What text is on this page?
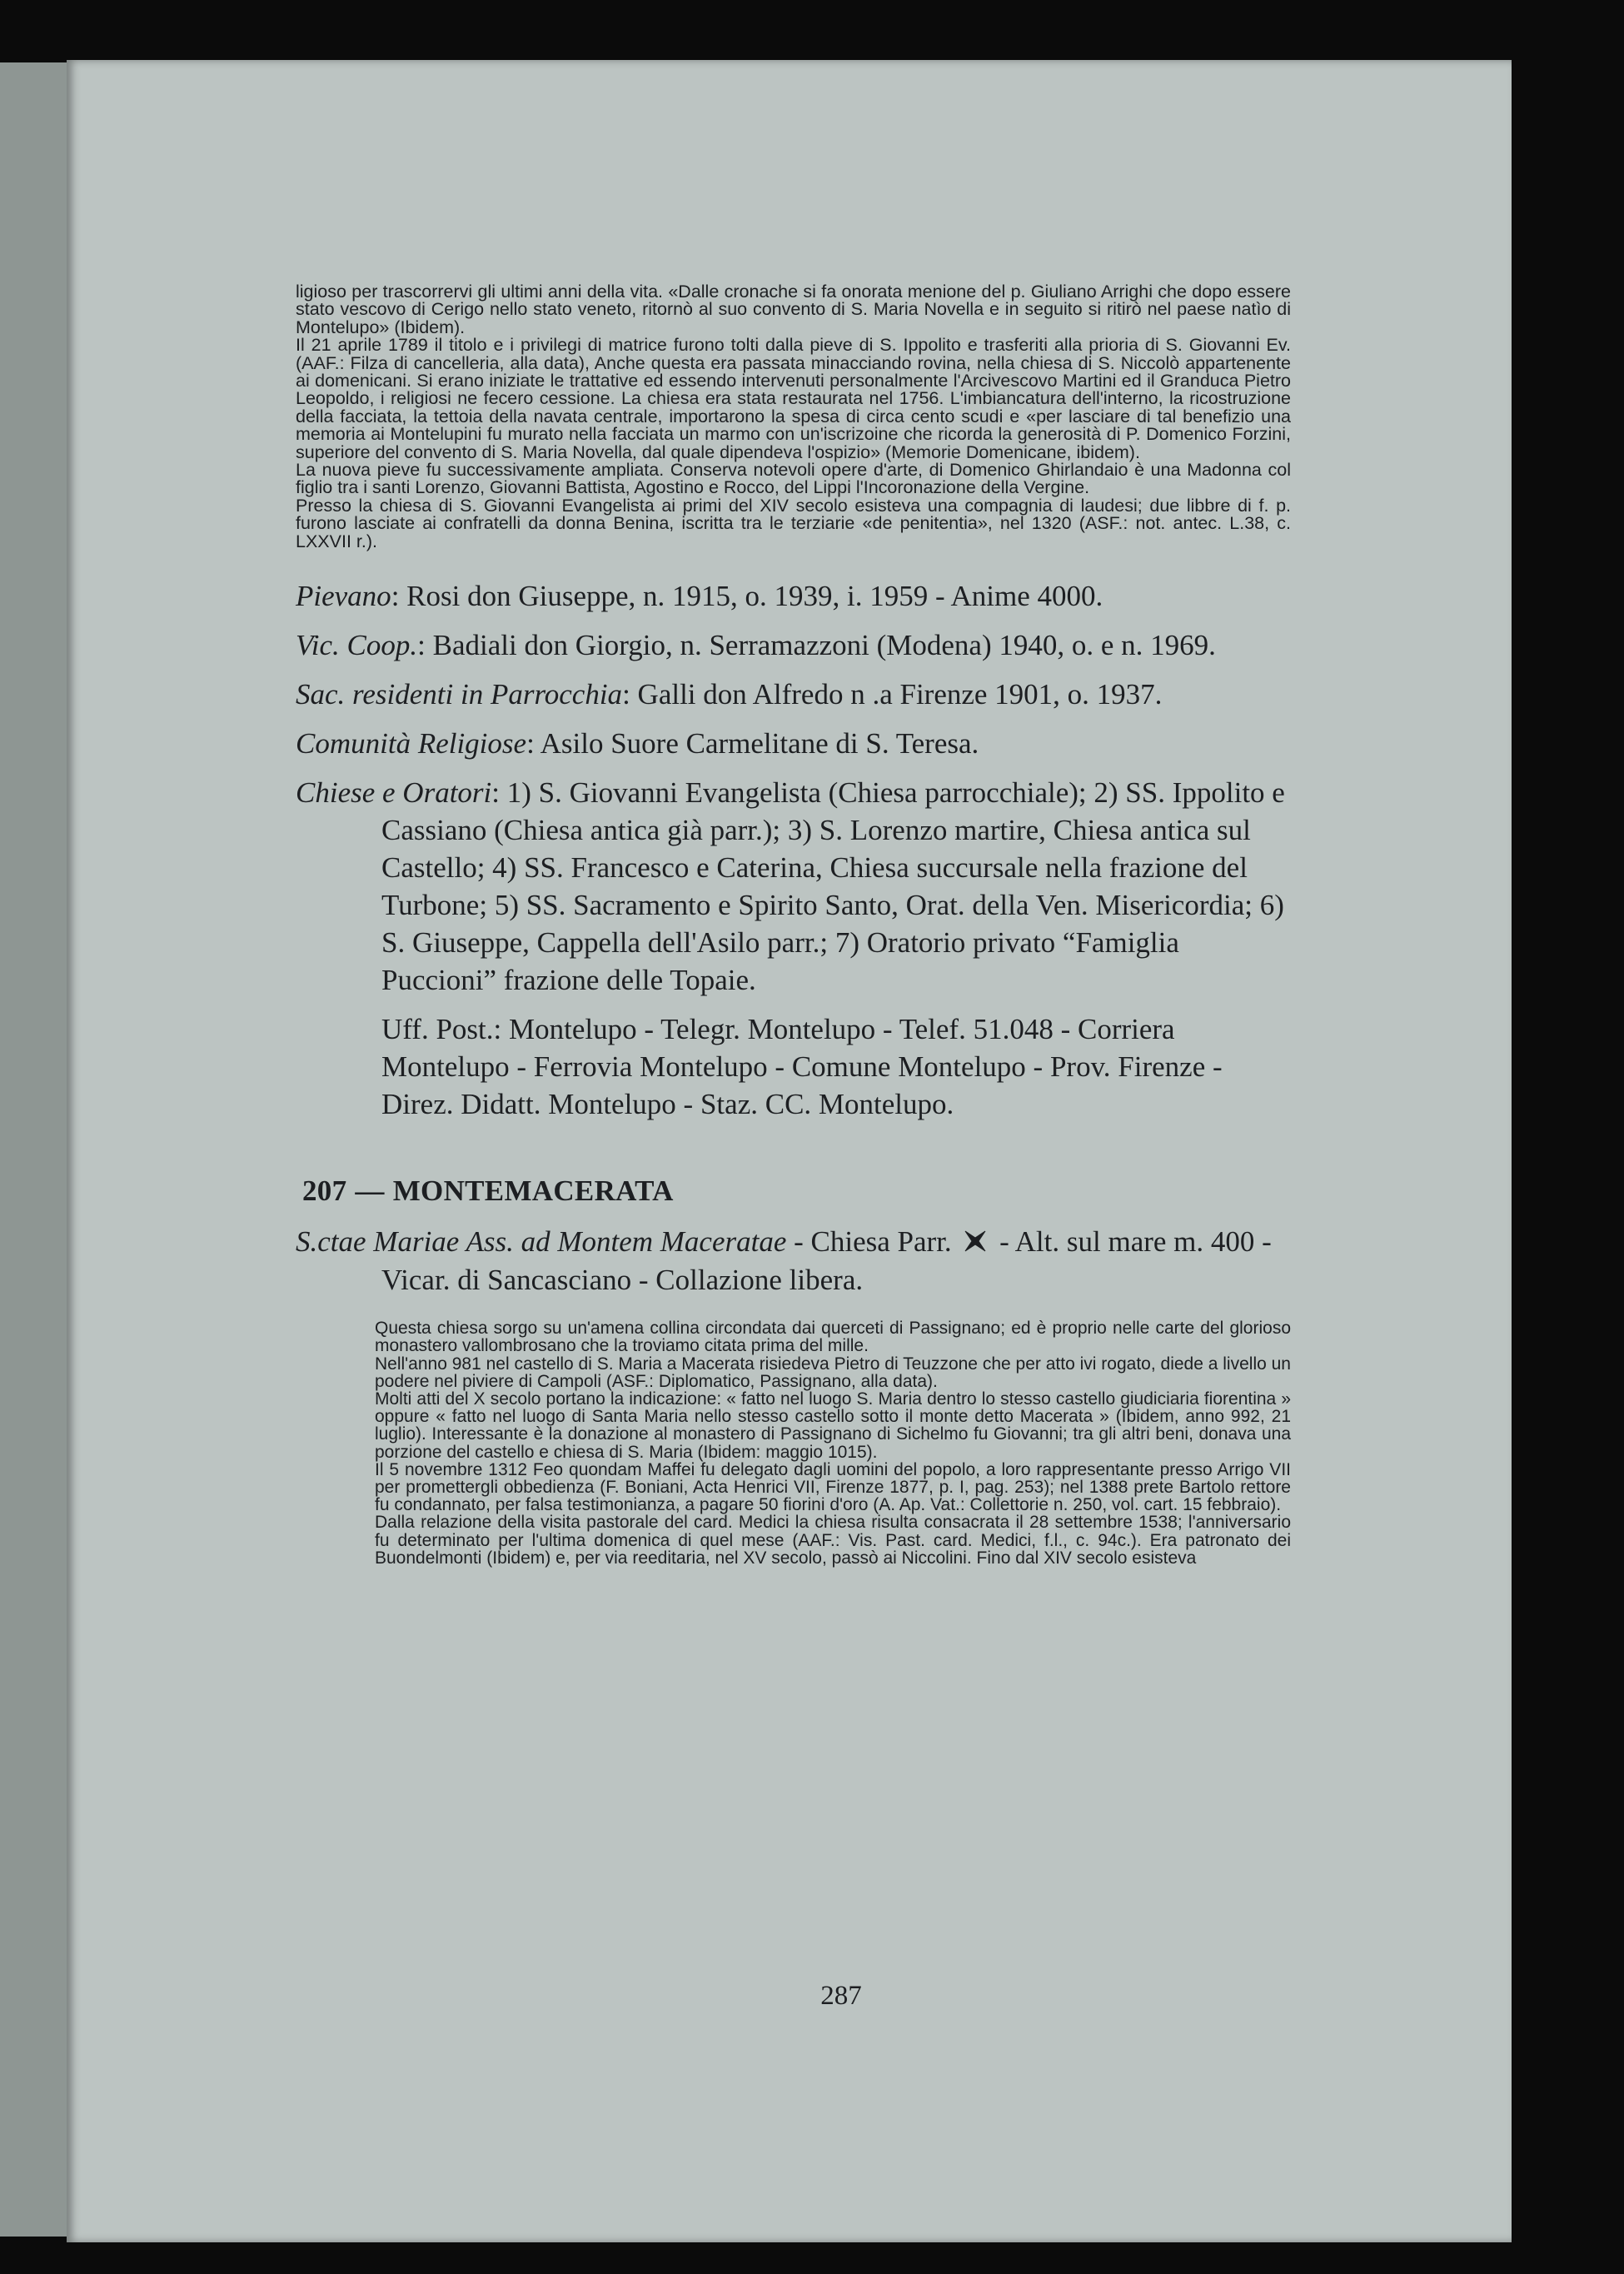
ligioso per trascorrervi gli ultimi anni della vita. «Dalle cronache si fa onorata menione del p. Giuliano Arrighi che dopo essere stato vescovo di Cerigo nello stato veneto, ritornò al suo convento di S. Maria Novella e in seguito si ritirò nel paese natìo di Montelupo» (Ibidem).

Il 21 aprile 1789 il titolo e i privilegi di matrice furono tolti dalla pieve di S. Ippolito e trasferiti alla prioria di S. Giovanni Ev. (AAF.: Filza di cancelleria, alla data), Anche questa era passata minacciando rovina, nella chiesa di S. Niccolò appartenente ai domenicani. Si erano iniziate le trattative ed essendo intervenuti personalmente l'Arcivescovo Martini ed il Granduca Pietro Leopoldo, i religiosi ne fecero cessione. La chiesa era stata restaurata nel 1756. L'imbiancatura dell'interno, la ricostruzione della facciata, la tettoia della navata centrale, importarono la spesa di circa cento scudi e «per lasciare di tal benefizio una memoria ai Montelupini fu murato nella facciata un marmo con un'iscrizoine che ricorda la generosità di P. Domenico Forzini, superiore del convento di S. Maria Novella, dal quale dipendeva l'ospizio» (Memorie Domenicane, ibidem).

La nuova pieve fu successivamente ampliata. Conserva notevoli opere d'arte, di Domenico Ghirlandaio è una Madonna col figlio tra i santi Lorenzo, Giovanni Battista, Agostino e Rocco, del Lippi l'Incoronazione della Vergine.

Presso la chiesa di S. Giovanni Evangelista ai primi del XIV secolo esisteva una compagnia di laudesi; due libbre di f. p. furono lasciate ai confratelli da donna Benina, iscritta tra le terziarie «de penitentia», nel 1320 (ASF.: not. antec. L.38, c. LXXVII r.).

Pievano: Rosi don Giuseppe, n. 1915, o. 1939, i. 1959 - Anime 4000.

Vic. Coop.: Badiali don Giorgio, n. Serramazzoni (Modena) 1940, o. e n. 1969.

Sac. residenti in Parrocchia: Galli don Alfredo n .a Firenze 1901, o. 1937.

Comunità Religiose: Asilo Suore Carmelitane di S. Teresa.

Chiese e Oratori: 1) S. Giovanni Evangelista (Chiesa parrocchiale); 2) SS. Ippolito e Cassiano (Chiesa antica già parr.); 3) S. Lorenzo martire, Chiesa antica sul Castello; 4) SS. Francesco e Caterina, Chiesa succursale nella frazione del Turbone; 5) SS. Sacramento e Spirito Santo, Orat. della Ven. Misericordia; 6) S. Giuseppe, Cappella dell'Asilo parr.; 7) Oratorio privato “Famiglia Puccioni” frazione delle Topaie.

Uff. Post.: Montelupo - Telegr. Montelupo - Telef. 51.048 - Corriera Montelupo - Ferrovia Montelupo - Comune Montelupo - Prov. Firenze - Direz. Didatt. Montelupo - Staz. CC. Montelupo.

207 — MONTEMACERATA

S.ctae Mariae Ass. ad Montem Maceratae - Chiesa Parr. - Alt. sul mare m. 400 - Vicar. di Sancasciano - Collazione libera.

Questa chiesa sorgo su un'amena collina circondata dai querceti di Passignano; ed è proprio nelle carte del glorioso monastero vallombrosano che la troviamo citata prima del mille.

Nell'anno 981 nel castello di S. Maria a Macerata risiedeva Pietro di Teuzzone che per atto ivi rogato, diede a livello un podere nel piviere di Campoli (ASF.: Diplomatico, Passignano, alla data).

Molti atti del X secolo portano la indicazione: « fatto nel luogo S. Maria dentro lo stesso castello giudiciaria fiorentina » oppure « fatto nel luogo di Santa Maria nello stesso castello sotto il monte detto Macerata » (Ibidem, anno 992, 21 luglio). Interessante è la donazione al monastero di Passignano di Sichelmo fu Giovanni; tra gli altri beni, donava una porzione del castello e chiesa di S. Maria (Ibidem: maggio 1015).

Il 5 novembre 1312 Feo quondam Maffei fu delegato dagli uomini del popolo, a loro rappresentante presso Arrigo VII per promettergli obbedienza (F. Boniani, Acta Henrici VII, Firenze 1877, p. I, pag. 253); nel 1388 prete Bartolo rettore fu condannato, per falsa testimonianza, a pagare 50 fiorini d'oro (A. Ap. Vat.: Collettorie n. 250, vol. cart. 15 febbraio).

Dalla relazione della visita pastorale del card. Medici la chiesa risulta consacrata il 28 settembre 1538; l'anniversario fu determinato per l'ultima domenica di quel mese (AAF.: Vis. Past. card. Medici, f.l., c. 94c.). Era patronato dei Buondelmonti (Ibidem) e, per via reeditaria, nel XV secolo, passò ai Niccolini. Fino dal XIV secolo esisteva

287
